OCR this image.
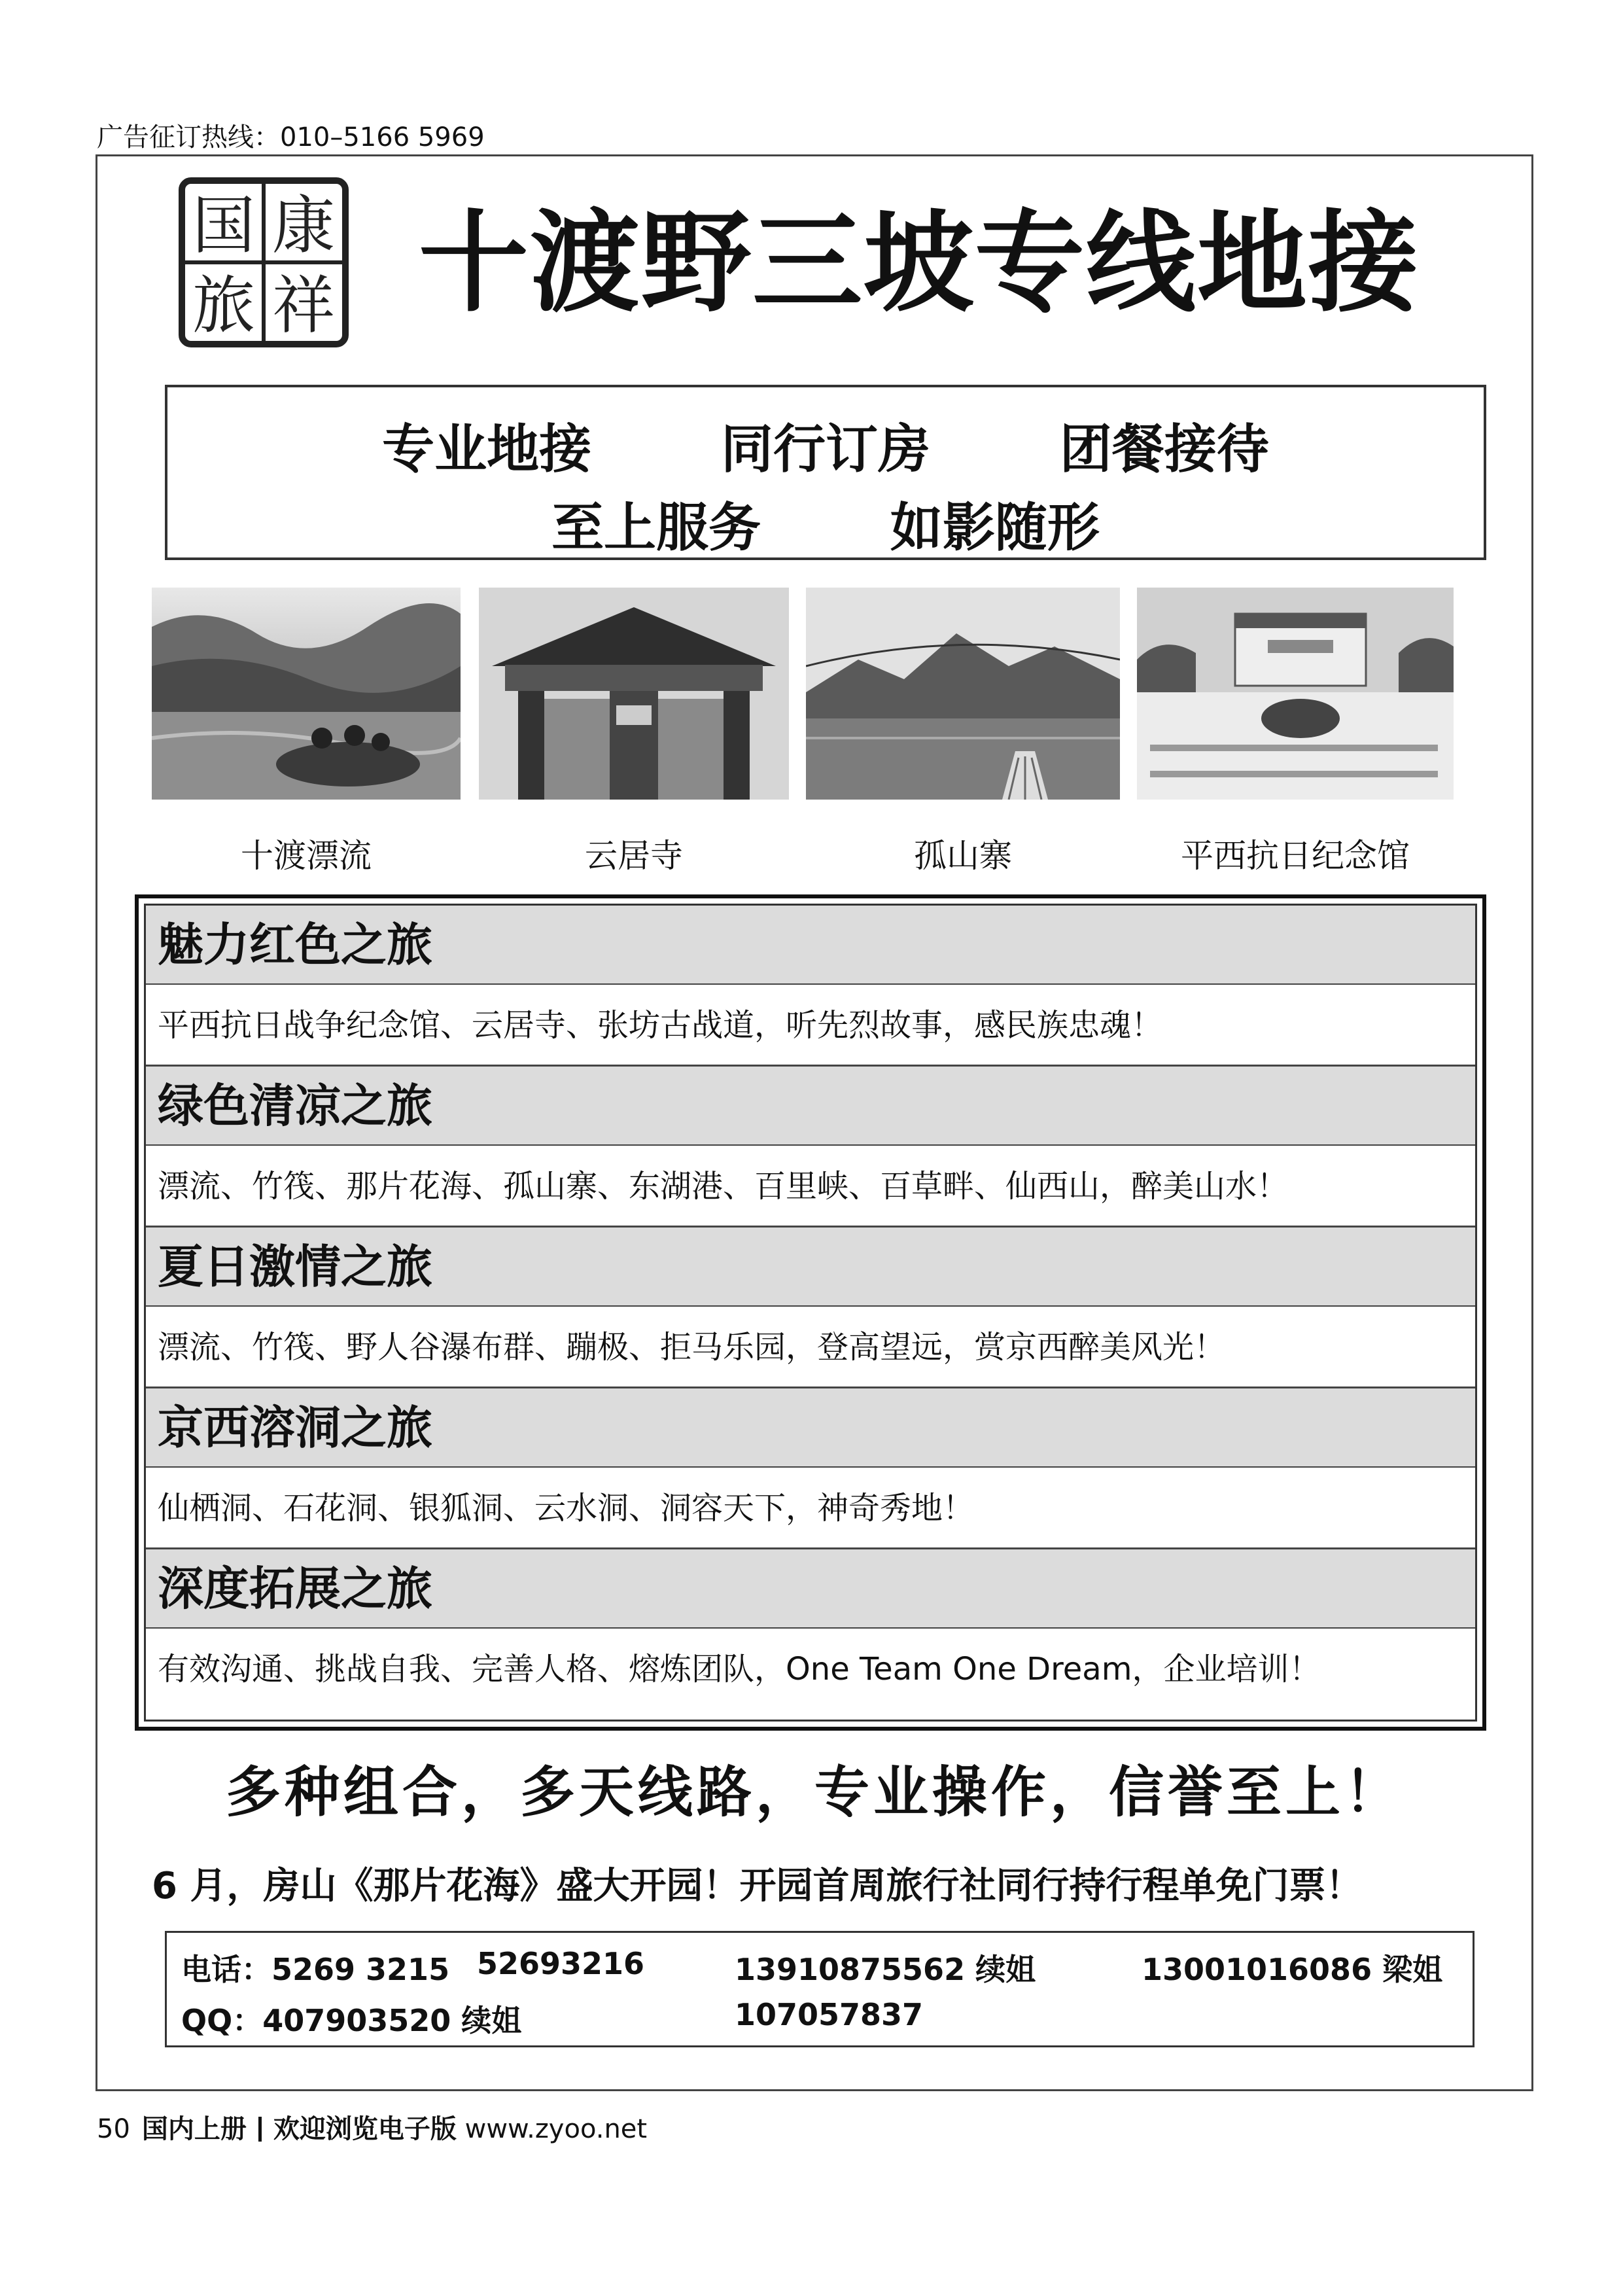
广告征订热线：010–5166 5969
国 康
旅 祥 十渡野三坡专线地接
专业地接 同行订房 团餐接待
至上服务 如影随形
十渡漂流	云居寺	孤山寨	平西抗日纪念馆
魅力红色之旅
平西抗日战争纪念馆、云居寺、张坊古战道，听先烈故事，感民族忠魂！
绿色清凉之旅
漂流、竹筏、那片花海、孤山寨、东湖港、百里峡、百草畔、仙西山，醉美山水！
夏日激情之旅
漂流、竹筏、野人谷瀑布群、蹦极、拒马乐园，登高望远，赏京西醉美风光！
京西溶洞之旅
仙栖洞、石花洞、银狐洞、云水洞、洞容天下，神奇秀地！
深度拓展之旅
有效沟通、挑战自我、完善人格、熔炼团队，One Team One Dream，企业培训！
多种组合，多天线路，专业操作，信誉至上！
6 月，房山《那片花海》盛大开园！开园首周旅行社同行持行程单免门票！
电话：5269 3215 52693216	13910875562 续姐	13001016086 梁姐
QQ：407903520 续姐	107057837
50 国内上册 欢迎浏览电子版 www.zyoo.net
